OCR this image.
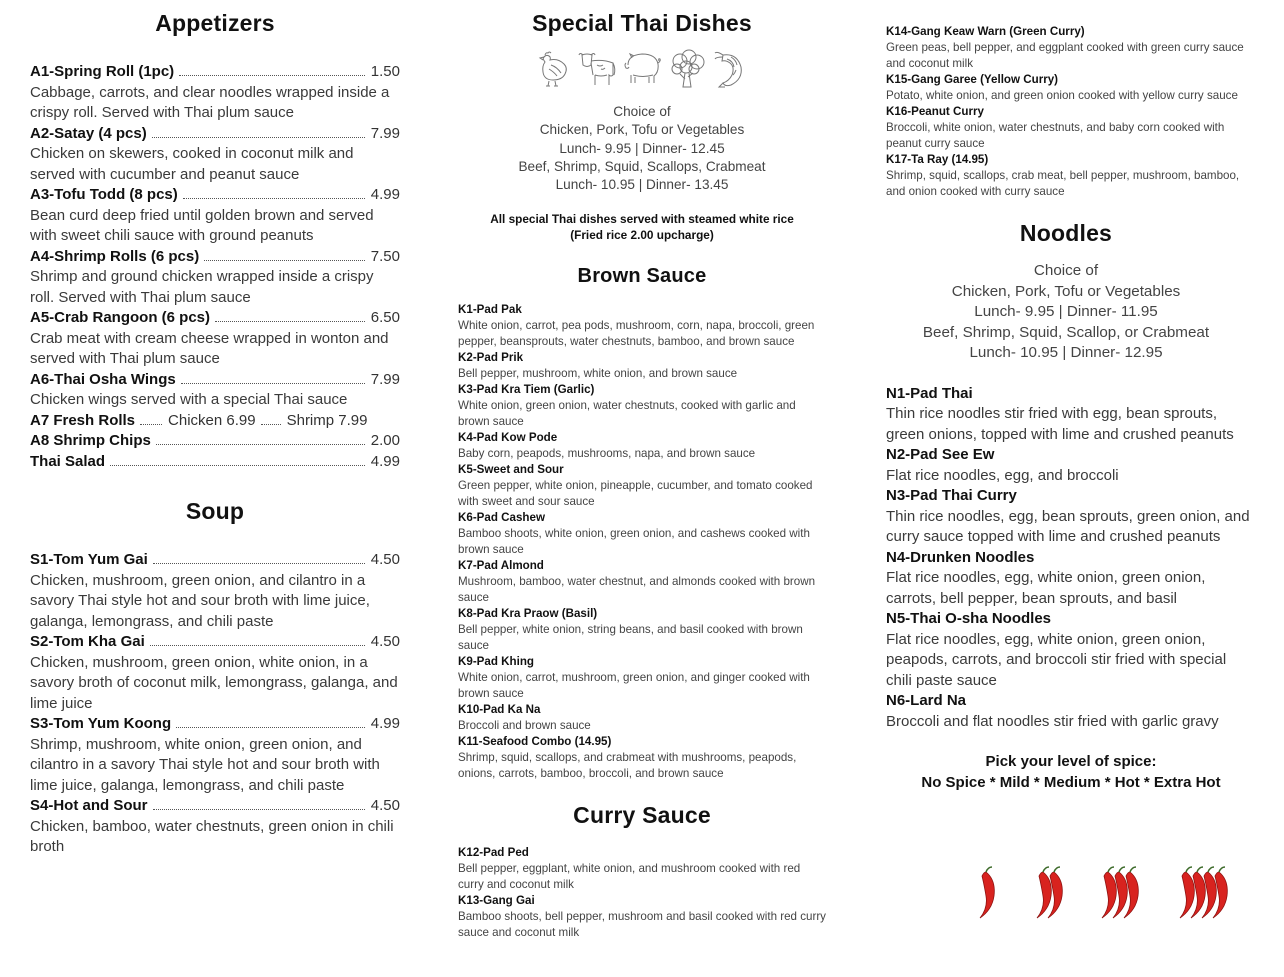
Appetizers
A1-Spring Roll (1pc)	1.50
Cabbage, carrots, and clear noodles wrapped inside a crispy roll. Served with Thai plum sauce
A2-Satay (4 pcs)	7.99
Chicken on skewers, cooked in coconut milk and served with cucumber and peanut sauce
A3-Tofu Todd (8 pcs)	4.99
Bean curd deep fried until golden brown and served with sweet chili sauce with ground peanuts
A4-Shrimp Rolls (6 pcs)	7.50
Shrimp and ground chicken wrapped inside a crispy roll. Served with Thai plum sauce
A5-Crab Rangoon (6 pcs)	6.50
Crab meat with cream cheese wrapped in wonton and served with Thai plum sauce
A6-Thai Osha Wings	7.99
Chicken wings served with a special Thai sauce
A7 Fresh Rolls Chicken 6.99 Shrimp 7.99
A8 Shrimp Chips	2.00
Thai Salad	4.99
Soup
S1-Tom Yum Gai	4.50
Chicken, mushroom, green onion, and cilantro in a savory Thai style hot and sour broth with lime juice, galanga, lemongrass, and chili paste
S2-Tom Kha Gai	4.50
Chicken, mushroom, green onion, white onion, in a savory broth of coconut milk, lemongrass, galanga, and lime juice
S3-Tom Yum Koong	4.99
Shrimp, mushroom, white onion, green onion, and cilantro in a savory Thai style hot and sour broth with lime juice, galanga, lemongrass, and chili paste
S4-Hot and Sour	4.50
Chicken, bamboo, water chestnuts, green onion in chili broth
Special Thai Dishes
Choice of
Chicken, Pork, Tofu or Vegetables
Lunch- 9.95 | Dinner- 12.45
Beef, Shrimp, Squid, Scallops, Crabmeat
Lunch- 10.95 | Dinner- 13.45
All special Thai dishes served with steamed white rice
(Fried rice 2.00 upcharge)
Brown Sauce
K1-Pad Pak
White onion, carrot, pea pods, mushroom, corn, napa, broccoli, green pepper, beansprouts, water chestnuts, bamboo, and brown sauce
K2-Pad Prik
Bell pepper, mushroom, white onion, and brown sauce
K3-Pad Kra Tiem (Garlic)
White onion, green onion, water chestnuts, cooked with garlic and brown sauce
K4-Pad Kow Pode
Baby corn, peapods, mushrooms, napa, and brown sauce
K5-Sweet and Sour
Green pepper, white onion, pineapple, cucumber, and tomato cooked with sweet and sour sauce
K6-Pad Cashew
Bamboo shoots, white onion, green onion, and cashews cooked with brown sauce
K7-Pad Almond
Mushroom, bamboo, water chestnut, and almonds cooked with brown sauce
K8-Pad Kra Praow (Basil)
Bell pepper, white onion, string beans, and basil cooked with brown sauce
K9-Pad Khing
White onion, carrot, mushroom, green onion, and ginger cooked with brown sauce
K10-Pad Ka Na
Broccoli and brown sauce
K11-Seafood Combo (14.95)
Shrimp, squid, scallops, and crabmeat with mushrooms, peapods, onions, carrots, bamboo, broccoli, and brown sauce
Curry Sauce
K12-Pad Ped
Bell pepper, eggplant, white onion, and mushroom cooked with red curry and coconut milk
K13-Gang Gai
Bamboo shoots, bell pepper, mushroom and basil cooked with red curry sauce and coconut milk
K14-Gang Keaw Warn (Green Curry)
Green peas, bell pepper, and eggplant cooked with green curry sauce and coconut milk
K15-Gang Garee (Yellow Curry)
Potato, white onion, and green onion cooked with yellow curry sauce
K16-Peanut Curry
Broccoli, white onion, water chestnuts, and baby corn cooked with peanut curry sauce
K17-Ta Ray (14.95)
Shrimp, squid, scallops, crab meat, bell pepper, mushroom, bamboo, and onion cooked with curry sauce
Noodles
Choice of
Chicken, Pork, Tofu or Vegetables
Lunch- 9.95 | Dinner- 11.95
Beef, Shrimp, Squid, Scallop, or Crabmeat
Lunch- 10.95 | Dinner- 12.95
N1-Pad Thai
Thin rice noodles stir fried with egg, bean sprouts, green onions, topped with lime and crushed peanuts
N2-Pad See Ew
Flat rice noodles, egg, and broccoli
N3-Pad Thai Curry
Thin rice noodles, egg, bean sprouts, green onion, and curry sauce topped with lime and crushed peanuts
N4-Drunken Noodles
Flat rice noodles, egg, white onion, green onion, carrots, bell pepper, bean sprouts, and basil
N5-Thai O-sha Noodles
Flat rice noodles, egg, white onion, green onion, peapods, carrots, and broccoli stir fried with special chili paste sauce
N6-Lard Na
Broccoli and flat noodles stir fried with garlic gravy
Pick your level of spice:
No Spice * Mild * Medium * Hot * Extra Hot
